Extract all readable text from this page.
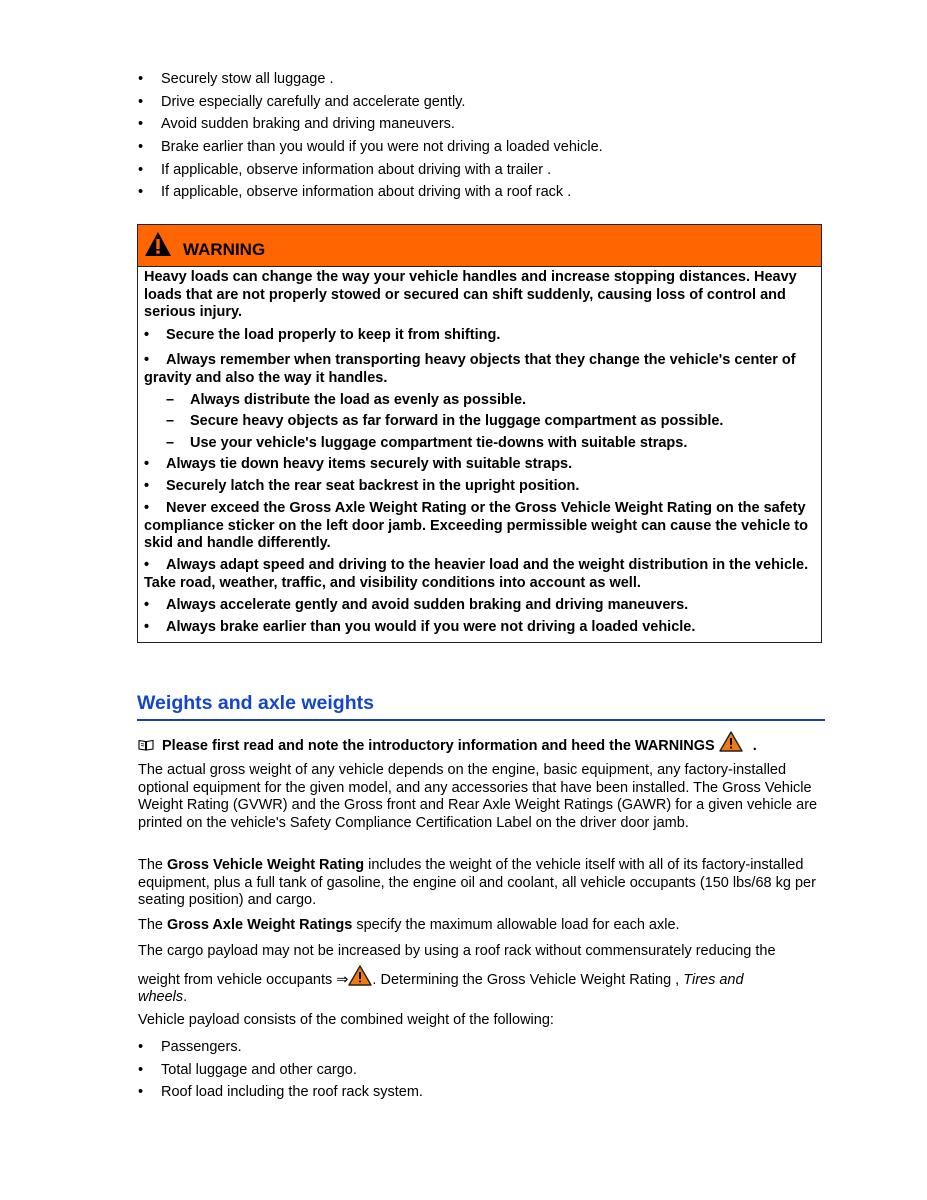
• Securely stow all luggage .
• Drive especially carefully and accelerate gently.
• Avoid sudden braking and driving maneuvers.
• Brake earlier than you would if you were not driving a loaded vehicle.
• If applicable, observe information about driving with a trailer .
• If applicable, observe information about driving with a roof rack .
WARNING

Heavy loads can change the way your vehicle handles and increase stopping distances. Heavy loads that are not properly stowed or secured can shift suddenly, causing loss of control and serious injury.

• Secure the load properly to keep it from shifting.
• Always remember when transporting heavy objects that they change the vehicle's center of gravity and also the way it handles.
– Always distribute the load as evenly as possible.
– Secure heavy objects as far forward in the luggage compartment as possible.
– Use your vehicle's luggage compartment tie-downs with suitable straps.
• Always tie down heavy items securely with suitable straps.
• Securely latch the rear seat backrest in the upright position.
• Never exceed the Gross Axle Weight Rating or the Gross Vehicle Weight Rating on the safety compliance sticker on the left door jamb. Exceeding permissible weight can cause the vehicle to skid and handle differently.
• Always adapt speed and driving to the heavier load and the weight distribution in the vehicle. Take road, weather, traffic, and visibility conditions into account as well.
• Always accelerate gently and avoid sudden braking and driving maneuvers.
• Always brake earlier than you would if you were not driving a loaded vehicle.
Weights and axle weights
Please first read and note the introductory information and heed the WARNINGS	.

The actual gross weight of any vehicle depends on the engine, basic equipment, any factory-installed optional equipment for the given model, and any accessories that have been installed. The Gross Vehicle Weight Rating (GVWR) and the Gross front and Rear Axle Weight Ratings (GAWR) for a given vehicle are printed on the vehicle's Safety Compliance Certification Label on the driver door jamb.

The Gross Vehicle Weight Rating includes the weight of the vehicle itself with all of its factory-installed equipment, plus a full tank of gasoline, the engine oil and coolant, all vehicle occupants (150 lbs/68 kg per seating position) and cargo.

The Gross Axle Weight Ratings specify the maximum allowable load for each axle.

The cargo payload may not be increased by using a roof rack without commensurately reducing the

weight from vehicle occupants ⇒ . Determining the Gross Vehicle Weight Rating , Tires and

wheels.

Vehicle payload consists of the combined weight of the following:

• Passengers.
• Total luggage and other cargo.
• Roof load including the roof rack system.
